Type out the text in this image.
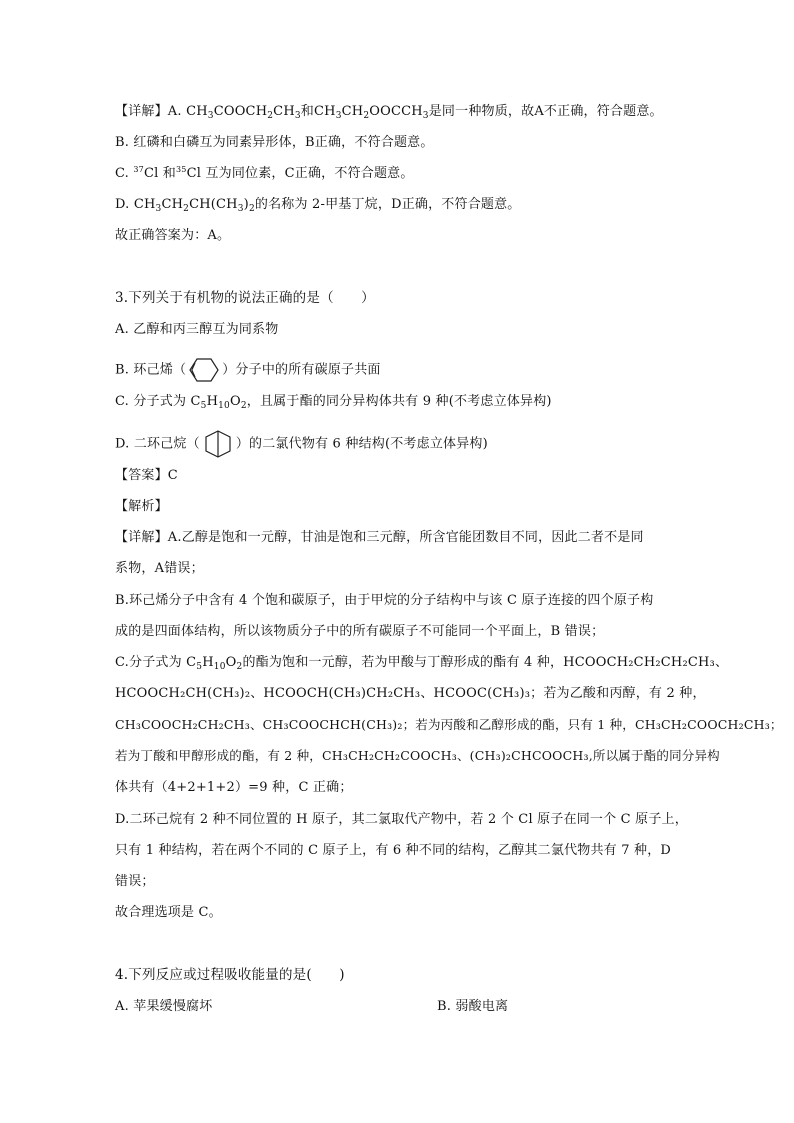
【详解】A. $CH_3COOCH_2CH_3$和$CH_3CH_2OOCCH_3$是同一种物质，故A不正确，符合题意。
B. 红磷和白磷互为同素异形体，B正确，不符合题意。
C. $^{37}$Cl 和$^{35}$Cl 互为同位素，C正确，不符合题意。
D. $CH_3CH_2CH(CH_3)_2$的名称为 2-甲基丁烷，D正确，不符合题意。
故正确答案为：A。
3.下列关于有机物的说法正确的是（　　）
A. 乙醇和丙三醇互为同系物
B. 环己烯（	）分子中的所有碳原子共面
C. 分子式为 $C_5H_{10}O_2$，且属于酯的同分异构体共有 9 种(不考虑立体异构)
D. 二环己烷（	）的二氯代物有 6 种结构(不考虑立体异构)
【答案】C
【解析】
【详解】A.乙醇是饱和一元醇，甘油是饱和三元醇，所含官能团数目不同，因此二者不是同
系物，A错误；
B.环己烯分子中含有 4 个饱和碳原子，由于甲烷的分子结构中与该 C 原子连接的四个原子构
成的是四面体结构，所以该物质分子中的所有碳原子不可能同一个平面上，B 错误；
C.分子式为 $C_5H_{10}O_2$的酯为饱和一元醇，若为甲酸与丁醇形成的酯有 4 种，HCOOCH₂CH₂CH₂CH₃、
HCOOCH₂CH(CH₃)₂、HCOOCH(CH₃)CH₂CH₃、HCOOC(CH₃)₃；若为乙酸和丙醇，有 2 种，
CH₃COOCH₂CH₂CH₃、CH₃COOCHCH(CH₃)₂；若为丙酸和乙醇形成的酯，只有 1 种，CH₃CH₂COOCH₂CH₃；
若为丁酸和甲醇形成的酯，有 2 种，CH₃CH₂CH₂COOCH₃、(CH₃)₂CHCOOCH₃,所以属于酯的同分异构
体共有（4+2+1+2）=9 种，C 正确；
D.二环己烷有 2 种不同位置的 H 原子，其二氯取代产物中，若 2 个 Cl 原子在同一个 C 原子上，
只有 1 种结构，若在两个不同的 C 原子上，有 6 种不同的结构，乙醇其二氯代物共有 7 种，D
错误；
故合理选项是 C。
4.下列反应或过程吸收能量的是(　　)
A. 苹果缓慢腐坏	B. 弱酸电离
